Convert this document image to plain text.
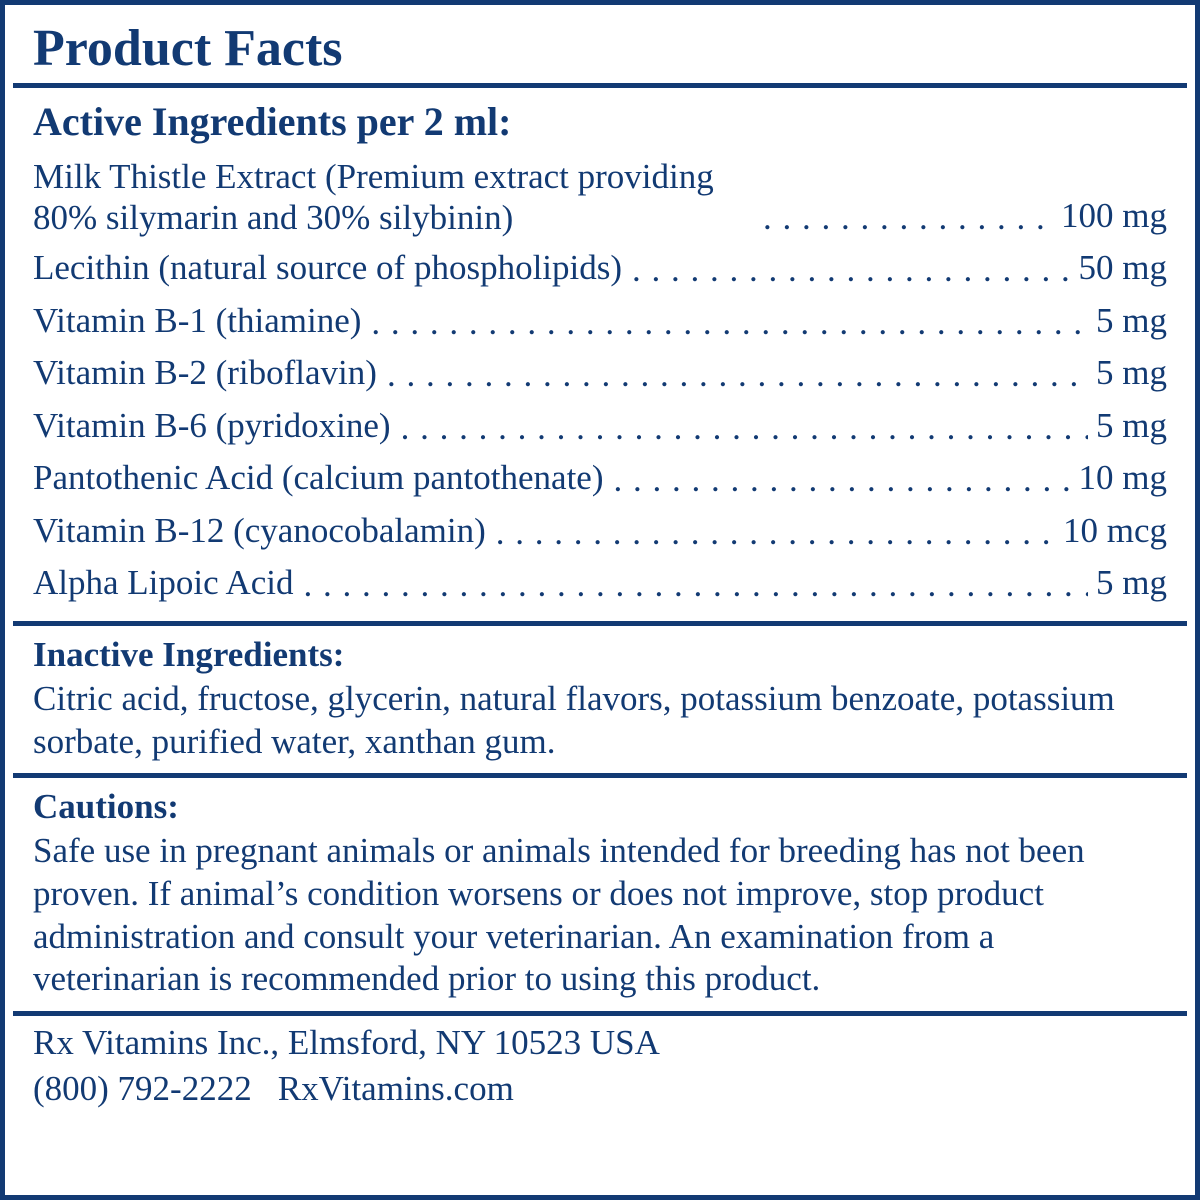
Product Facts
Active Ingredients per 2 ml:
Milk Thistle Extract (Premium extract providing 80% silymarin and 30% silybinin) . . .	100 mg
Lecithin (natural source of phospholipids) . . .	50 mg
Vitamin B-1 (thiamine) . . .	5 mg
Vitamin B-2 (riboflavin) . . .	5 mg
Vitamin B-6 (pyridoxine) . . .	5 mg
Pantothenic Acid (calcium pantothenate) . . .	10 mg
Vitamin B-12 (cyanocobalamin) . . .	10 mcg
Alpha Lipoic Acid . . .	5 mg
Inactive Ingredients:
Citric acid, fructose, glycerin, natural flavors, potassium benzoate, potassium sorbate, purified water, xanthan gum.
Cautions:
Safe use in pregnant animals or animals intended for breeding has not been proven. If animal’s condition worsens or does not improve, stop product administration and consult your veterinarian. An examination from a veterinarian is recommended prior to using this product.
Rx Vitamins Inc., Elmsford, NY 10523 USA
(800) 792-2222 RxVitamins.com
